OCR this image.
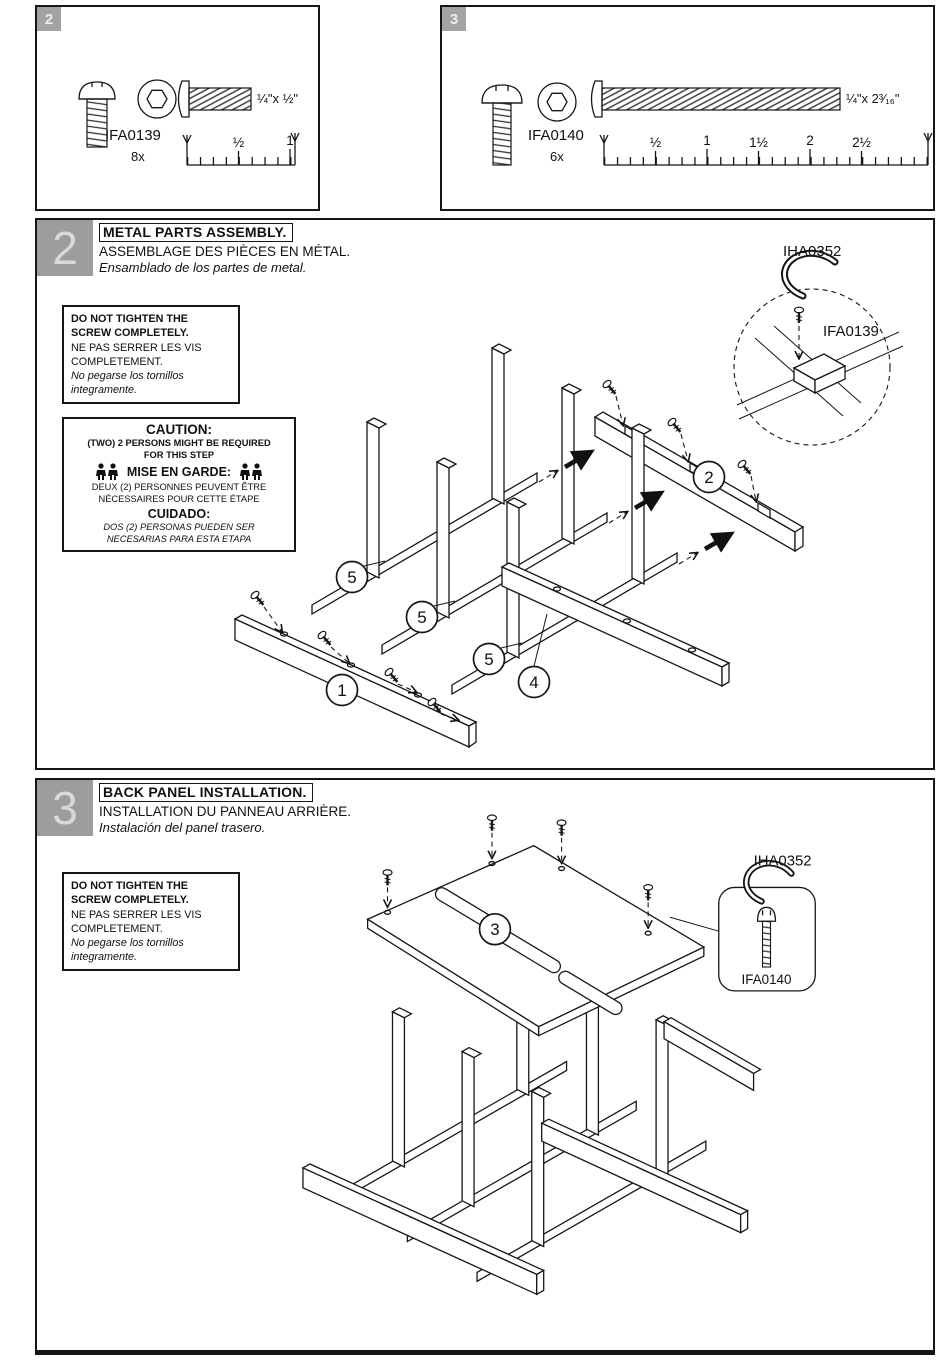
2
¼"x ½"
IFA0139
8x
½	1
3
¼"x 2³⁄₁₆"
IFA0140
6x
½	1	1½	2	2½
2	METAL PARTS ASSEMBLY.
ASSEMBLAGE DES PIÈCES EN MÉTAL.
Ensamblado de los partes de metal.
DO NOT TIGHTEN THE
SCREW COMPLETELY.
NE PAS SERRER LES VIS
COMPLETEMENT.
No pegarse los tornillos
integramente.
CAUTION:
(TWO) 2 PERSONS MIGHT BE REQUIRED
FOR THIS STEP
MISE EN GARDE:
DEUX (2) PERSONNES PEUVENT ÊTRE
NÉCESSAIRES POUR CETTE ÉTAPE
CUIDADO:
DOS (2) PERSONAS PUEDEN SER
NECESARIAS PARA ESTA ETAPA
IHA0352
IFA0139
5
5
5
1
2
4
3	BACK PANEL INSTALLATION.
INSTALLATION DU PANNEAU ARRIÈRE.
Instalación del panel trasero.
DO NOT TIGHTEN THE
SCREW COMPLETELY.
NE PAS SERRER LES VIS
COMPLETEMENT.
No pegarse los tornillos
integramente.
3
IFA0140
IHA0352
